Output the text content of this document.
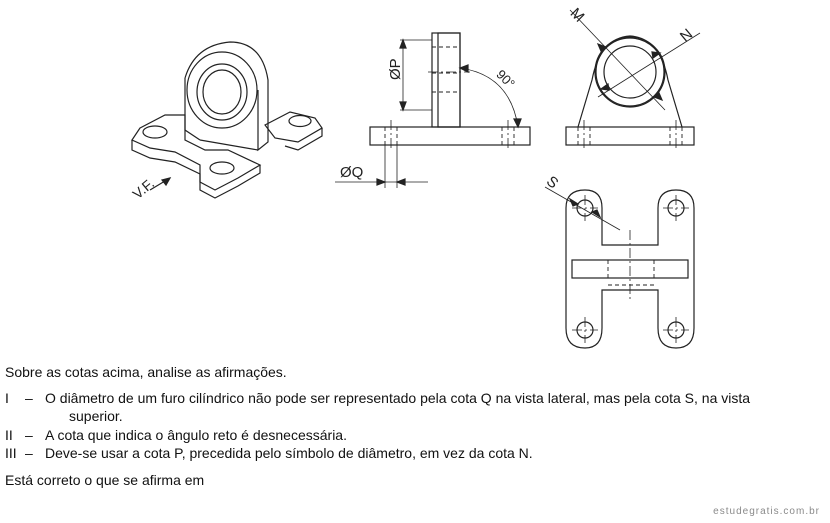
V.F.
ØP	90°
ØQ
M
N
S
Sobre as cotas acima, analise as afirmações.
I – O diâmetro de um furo cilíndrico não pode ser representado pela cota Q na vista lateral, mas pela cota S, na vista
superior.
II – A cota que indica o ângulo reto é desnecessária.
III – Deve-se usar a cota P, precedida pelo símbolo de diâmetro, em vez da cota N.
Está correto o que se afirma em
estudegratis.com.br
